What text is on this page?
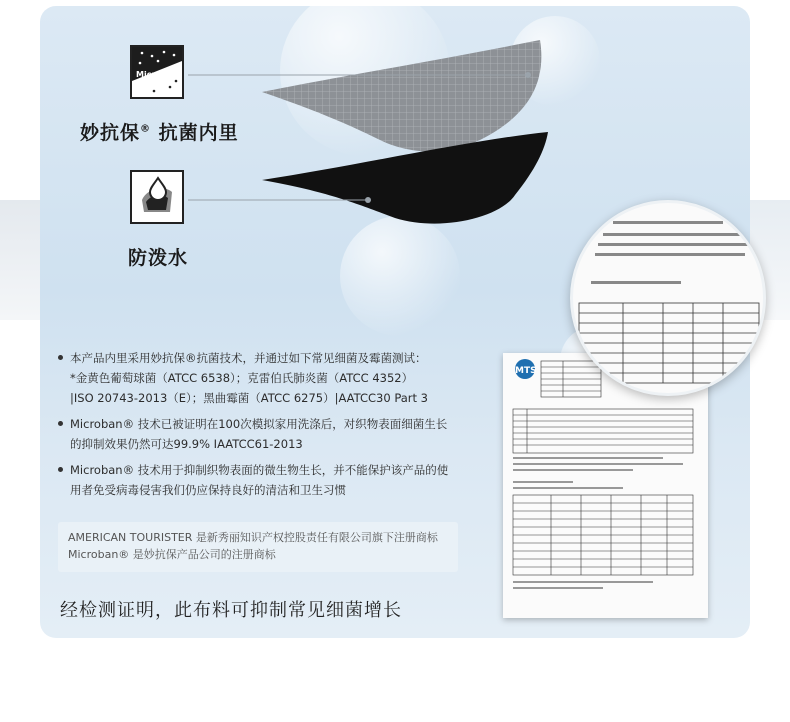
Microban
妙抗保® 抗菌内里
防泼水
本产品内里采用妙抗保®抗菌技术，并通过如下常见细菌及霉菌测试：
*金黄色葡萄球菌（ATCC 6538）；克雷伯氏肺炎菌（ATCC 4352）
|ISO 20743-2013（E）；黑曲霉菌（ATCC 6275）|AATCC30 Part 3
Microban® 技术已被证明在100次模拟家用洗涤后，对织物表面细菌生长
的抑制效果仍然可达99.9% IAATCC61-2013
Microban® 技术用于抑制织物表面的微生物生长，并不能保护该产品的使
用者免受病毒侵害我们仍应保持良好的清洁和卫生习惯
AMERICAN TOURISTER 是新秀丽知识产权控股责任有限公司旗下注册商标
Microban® 是妙抗保产品公司的注册商标
经检测证明，此布料可抑制常见细菌增长
MTS
